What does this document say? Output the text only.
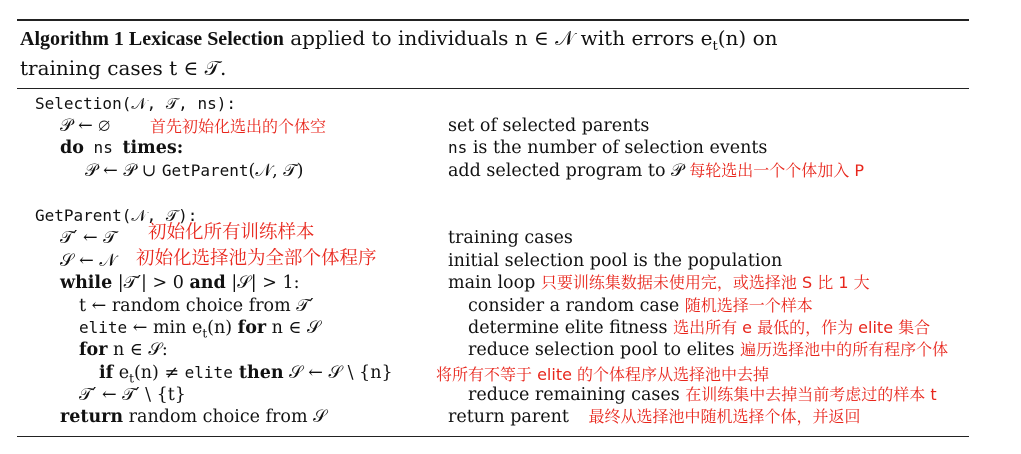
Algorithm 1 Lexicase Selection applied to individuals n ∈ 𝒩 with errors $e_t(n)$ on
training cases t ∈ 𝒯.
Selection(𝒩, 𝒯, ns):
𝒫 ← ∅	首先初始化选出的个体空	set of selected parents
do ns times:	ns is the number of selection events
𝒫 ← 𝒫 ∪ GetParent(𝒩, 𝒯)	add selected program to 𝒫 每轮选出一个个体加入 P
GetParent(𝒩, 𝒯):
𝒯′ ← 𝒯 初始化所有训练样本	training cases
𝒮 ← 𝒩 初始化选择池为全部个体程序	initial selection pool is the population
while |𝒯′| > 0 and |𝒮| > 1:	main loop 只要训练集数据未使用完，或选择池 S 比 1 大
t ← random choice from 𝒯′	consider a random case 随机选择一个样本
elite ← $\min e_t(n)$ for n ∈ 𝒮	determine elite fitness 选出所有 e 最低的，作为 elite 集合
for n ∈ 𝒮:	reduce selection pool to elites 遍历选择池中的所有程序个体
if $e_t(n)$ ≠ elite then 𝒮 ← 𝒮 \ {n}	将所有不等于 elite 的个体程序从选择池中去掉
𝒯′ ← 𝒯′ \ {t}	reduce remaining cases 在训练集中去掉当前考虑过的样本 t
return random choice from 𝒮	return parent 最终从选择池中随机选择个体，并返回
